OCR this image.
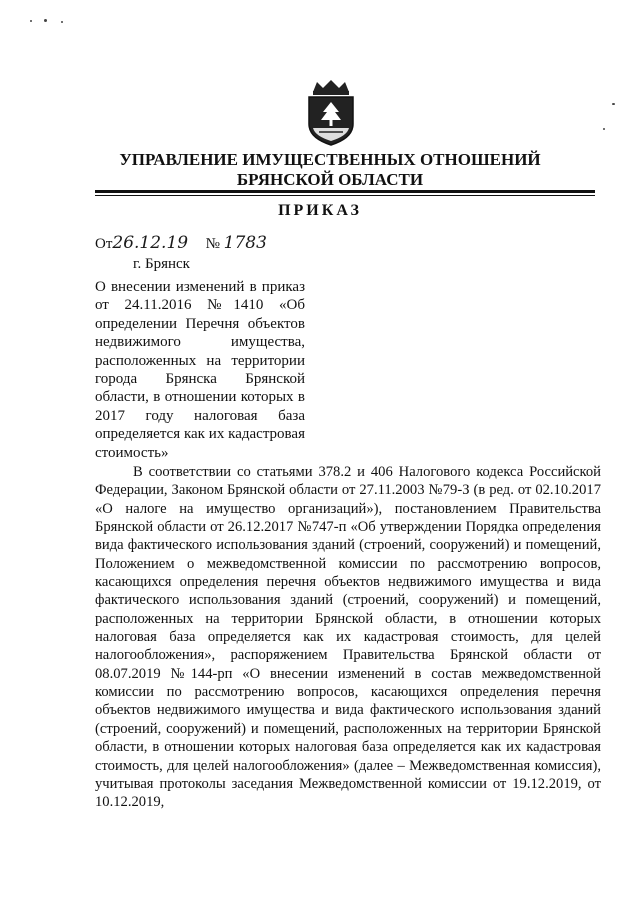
УПРАВЛЕНИЕ ИМУЩЕСТВЕННЫХ ОТНОШЕНИЙ
БРЯНСКОЙ ОБЛАСТИ
ПРИКАЗ
От26.12.19 № 1783
г. Брянск
О внесении изменений в приказ от 24.11.2016 №1410 «Об определении Перечня объектов недвижимого имущества, расположенных на территории города Брянска Брянской области, в отношении которых в 2017 году налоговая база определяется как их кадастровая стоимость»
В соответствии со статьями 378.2 и 406 Налогового кодекса Российской Федерации, Законом Брянской области от 27.11.2003 №79-З (в ред. от 02.10.2017 «О налоге на имущество организаций»), постановлением Правительства Брянской области от 26.12.2017 №747-п «Об утверждении Порядка определения вида фактического использования зданий (строений, сооружений) и помещений, Положением о межведомственной комиссии по рассмотрению вопросов, касающихся определения перечня объектов недвижимого имущества и вида фактического использования зданий (строений, сооружений) и помещений, расположенных на территории Брянской области, в отношении которых налоговая база определяется как их кадастровая стоимость, для целей налогообложения», распоряжением Правительства Брянской области от 08.07.2019 №144-рп «О внесении изменений в состав межведомственной комиссии по рассмотрению вопросов, касающихся определения перечня объектов недвижимого имущества и вида фактического использования зданий (строений, сооружений) и помещений, расположенных на территории Брянской области, в отношении которых налоговая база определяется как их кадастровая стоимость, для целей налогообложения» (далее – Межведомственная комиссия), учитывая протоколы заседания Межведомственной комиссии от 19.12.2019, от 10.12.2019,
